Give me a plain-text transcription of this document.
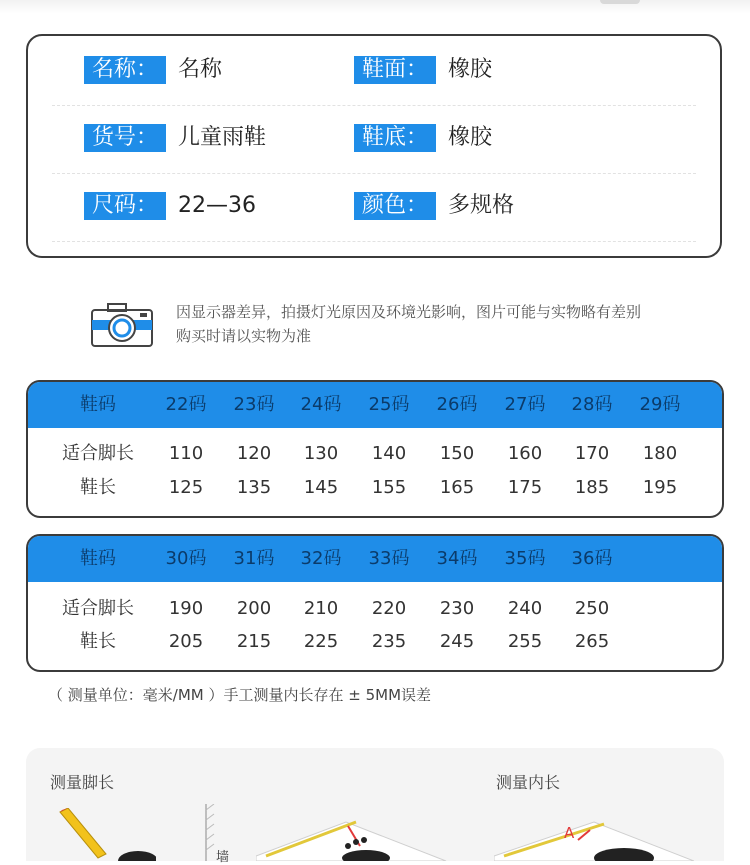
名称： 名称	鞋面： 橡胶
货号： 儿童雨鞋	鞋底： 橡胶
尺码： 22—36	颜色： 多规格
因显示器差异，拍摄灯光原因及环境光影响，图片可能与实物略有差别
购买时请以实物为准
鞋码	22码	23码	24码	25码	26码	27码	28码	29码
适合脚长	110	120	130	140	150	160	170	180
鞋长	125	135	145	155	165	175	185	195
鞋码	30码	31码	32码	33码	34码	35码	36码
适合脚长	190	200	210	220	230	240	250
鞋长	205	215	225	235	245	255	265
（ 测量单位：毫米/MM ）手工测量内长存在 ± 5MM误差
测量脚长	测量内长
墙
A
